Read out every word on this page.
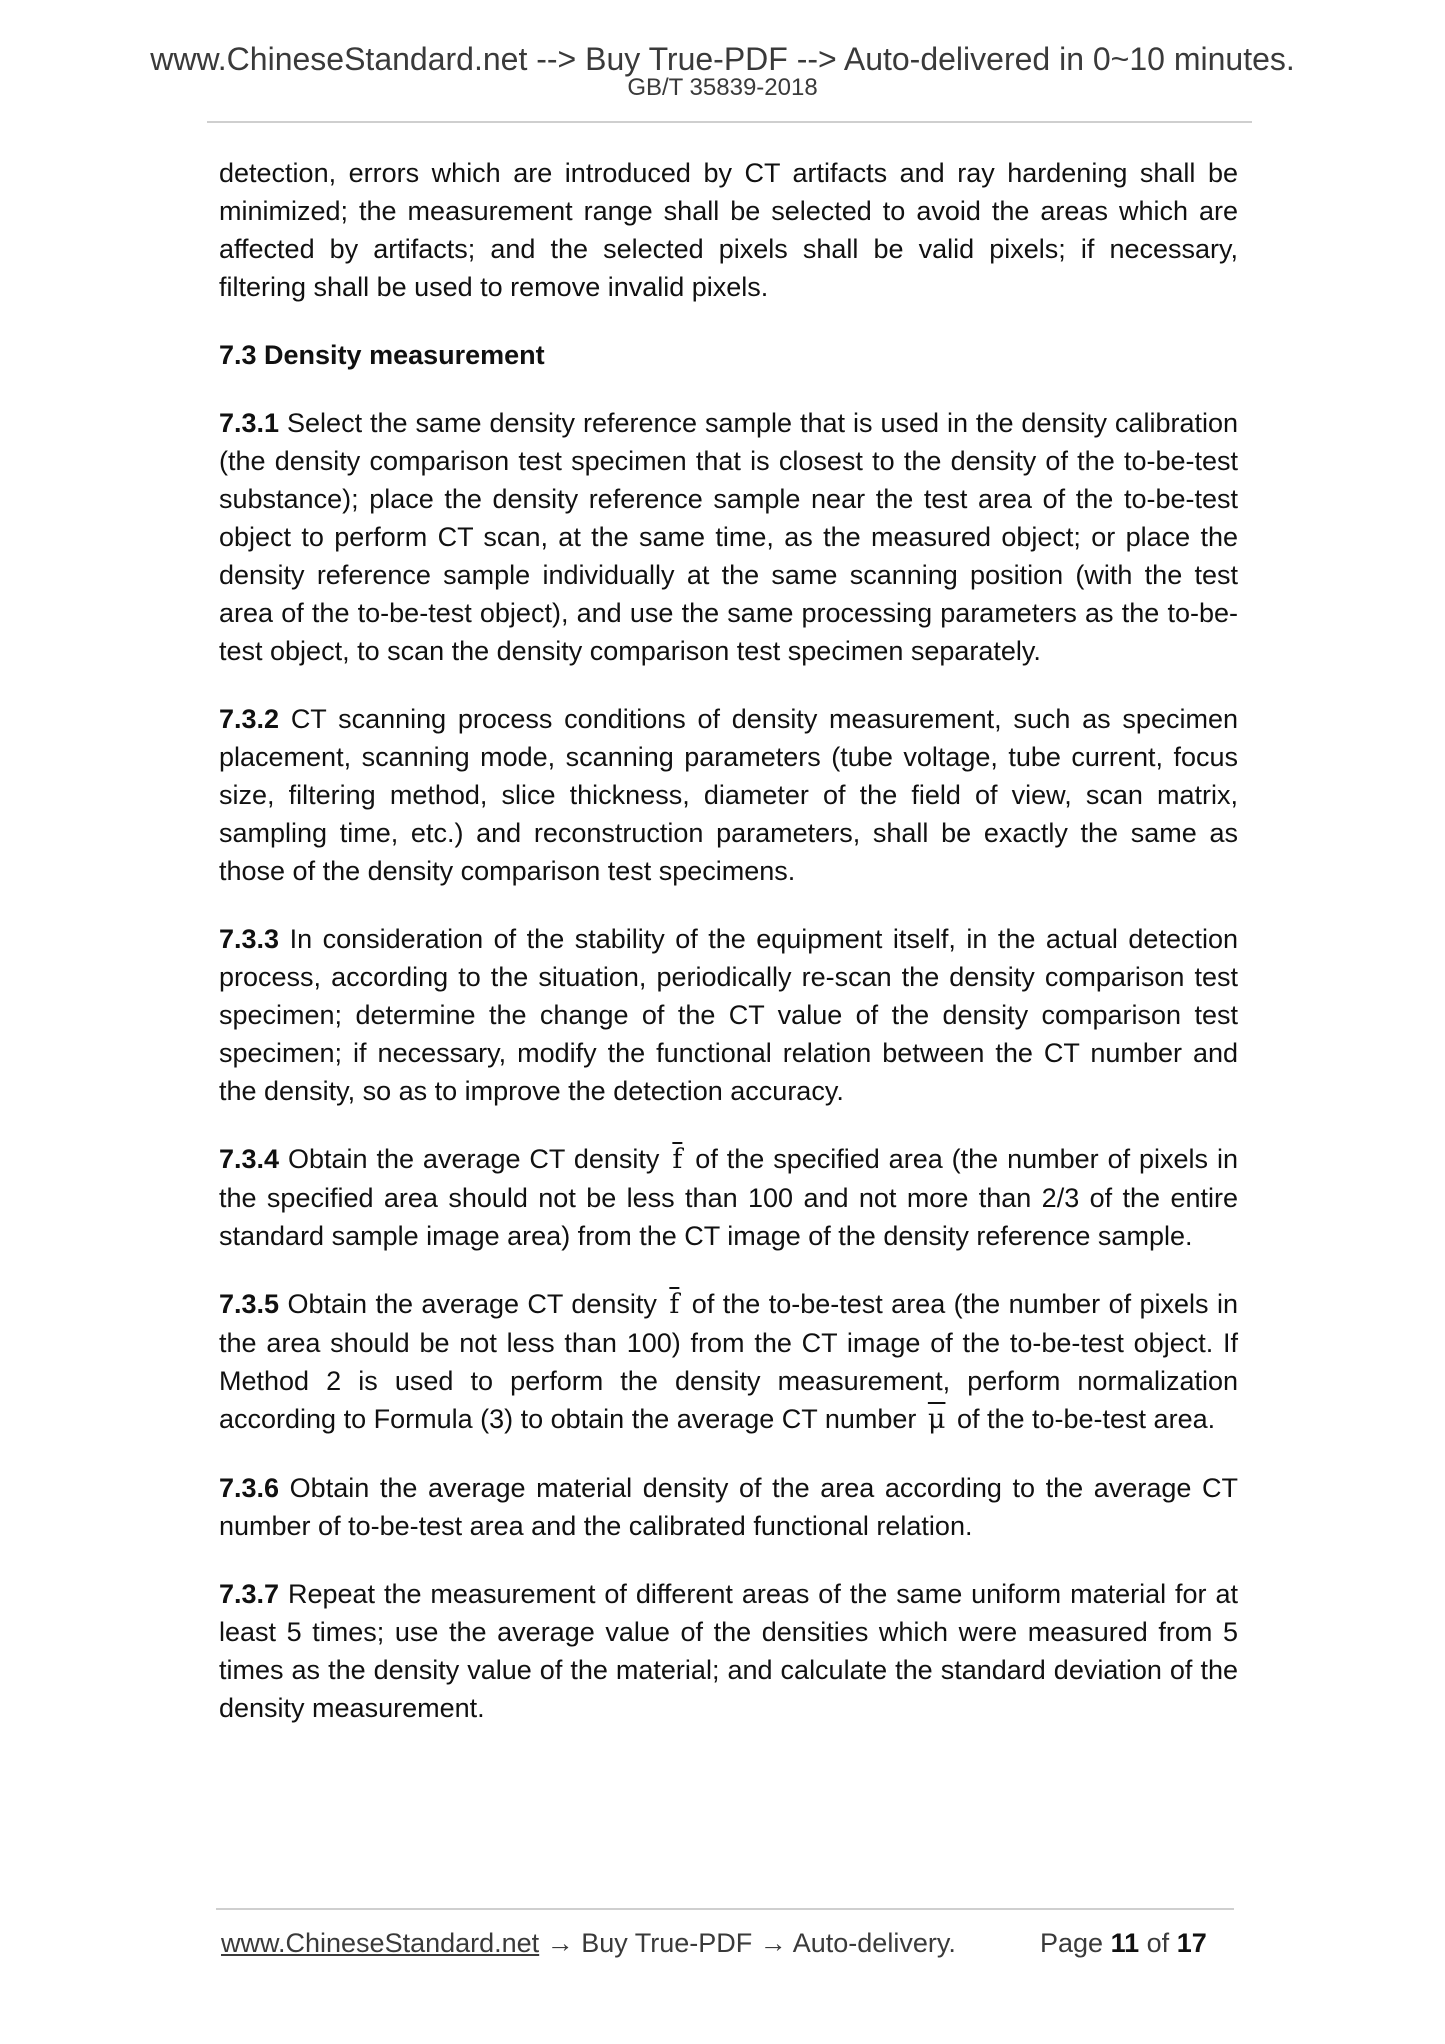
www.ChineseStandard.net --> Buy True-PDF --> Auto-delivered in 0~10 minutes.
GB/T 35839-2018

detection, errors which are introduced by CT artifacts and ray hardening shall be minimized; the measurement range shall be selected to avoid the areas which are affected by artifacts; and the selected pixels shall be valid pixels; if necessary, filtering shall be used to remove invalid pixels.

7.3 Density measurement

7.3.1 Select the same density reference sample that is used in the density calibration (the density comparison test specimen that is closest to the density of the to-be-test substance); place the density reference sample near the test area of the to-be-test object to perform CT scan, at the same time, as the measured object; or place the density reference sample individually at the same scanning position (with the test area of the to-be-test object), and use the same processing parameters as the to-be-test object, to scan the density comparison test specimen separately.

7.3.2 CT scanning process conditions of density measurement, such as specimen placement, scanning mode, scanning parameters (tube voltage, tube current, focus size, filtering method, slice thickness, diameter of the field of view, scan matrix, sampling time, etc.) and reconstruction parameters, shall be exactly the same as those of the density comparison test specimens.

7.3.3 In consideration of the stability of the equipment itself, in the actual detection process, according to the situation, periodically re-scan the density comparison test specimen; determine the change of the CT value of the density comparison test specimen; if necessary, modify the functional relation between the CT number and the density, so as to improve the detection accuracy.

7.3.4 Obtain the average CT density $\overline{f}$ of the specified area (the number of pixels in the specified area should not be less than 100 and not more than 2/3 of the entire standard sample image area) from the CT image of the density reference sample.

7.3.5 Obtain the average CT density $\overline{f}$ of the to-be-test area (the number of pixels in the area should be not less than 100) from the CT image of the to-be-test object. If Method 2 is used to perform the density measurement, perform normalization according to Formula (3) to obtain the average CT number $\overline{\mu}$ of the to-be-test area.

7.3.6 Obtain the average material density of the area according to the average CT number of to-be-test area and the calibrated functional relation.

7.3.7 Repeat the measurement of different areas of the same uniform material for at least 5 times; use the average value of the densities which were measured from 5 times as the density value of the material; and calculate the standard deviation of the density measurement.

www.ChineseStandard.net → Buy True-PDF → Auto-delivery.	Page 11 of 17
